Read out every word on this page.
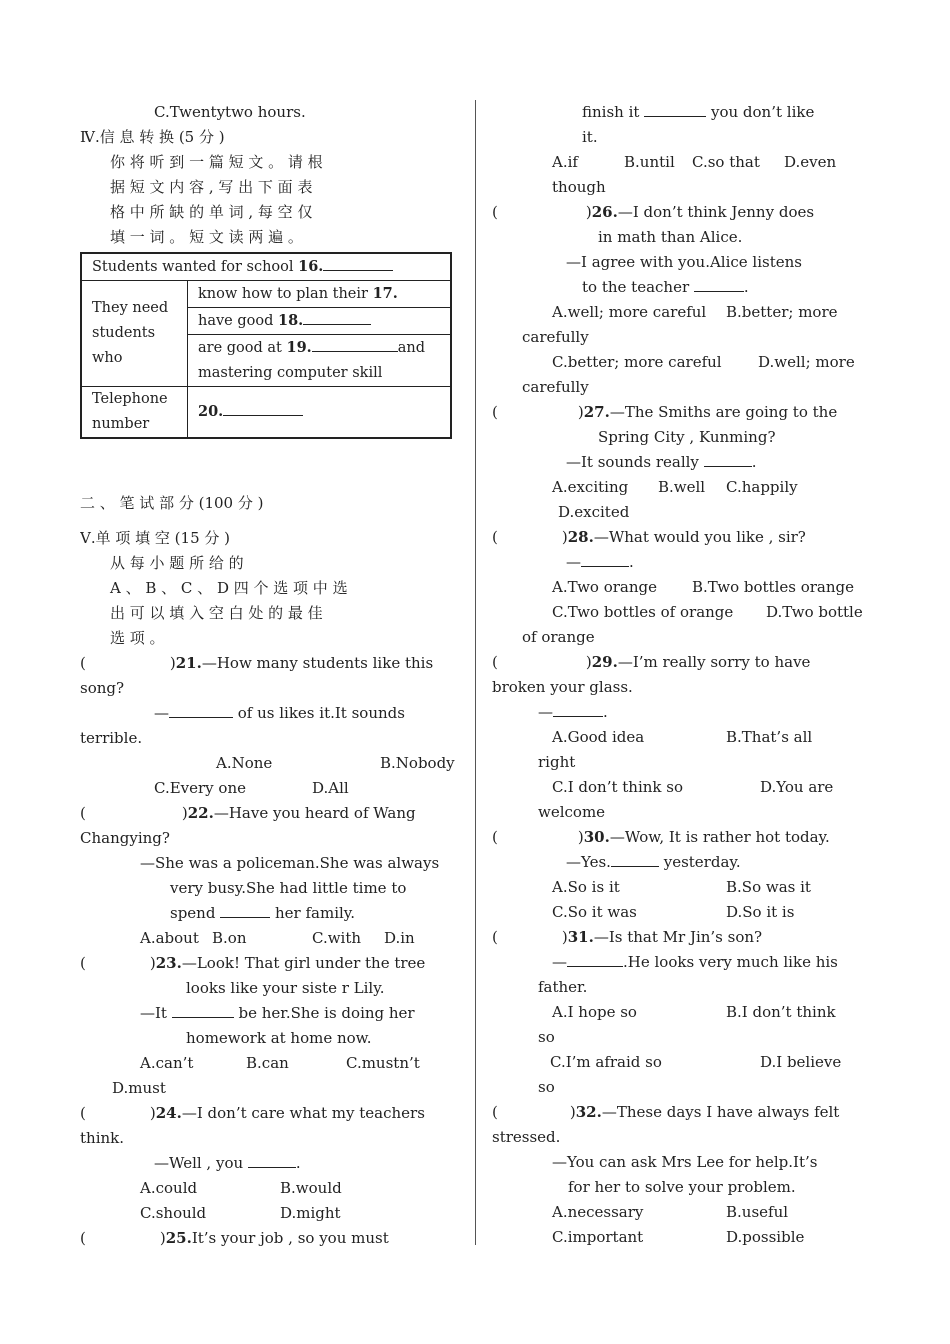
C.Twentytwo hours.
Ⅳ.信 息 转 换 (5 分 )
你 将 听 到 一 篇 短 文 。 请 根
据 短 文 内 容 , 写 出 下 面 表
格 中 所 缺 的 单 词 , 每 空 仅
填 一 词 。 短 文 读 两 遍 。
Students wanted for school 16.	

They need
students
who	know how to plan their 17.
	have good 18.

	are good at 19. and
mastering computer skill

Telephone
number	20.
二 、 笔 试 部 分 (100 分 )
Ⅴ.单 项 填 空 (15 分 )
从 每 小 题 所 给 的
A 、 B 、 C 、 D 四 个 选 项 中 选
出 可 以 填 入 空 白 处 的 最 佳
选 项 。
(	)21.—How many students like this
song?
—	of us likes it.It sounds
terrible.
A.None	B.Nobody
C.Every one	D.All
(	)22.—Have you heard of Wang
Changying?
—She was a policeman.She was always
very busy.She had little time to
spend	her family.
A.about B.on	C.with D.in
(	)23.—Look! That girl under the tree
looks like your siste r Lily.
—It	be her.She is doing her
homework at home now.
A.can’t	B.can	C.mustn’t
D.must
(	)24.—I don’t care what my teachers
think.
—Well , you	.
A.could	B.would
C.should	D.might
(	)25.It’s your job , so you must
finish it	you don’t like
it.
A.if	B.until C.so that D.even
though
(	)26.—I don’t think Jenny does
in math than Alice.
—I agree with you.Alice listens
to the teacher	.
A.well; more careful B.better; more
carefully
C.better; more careful D.well; more
carefully
(	)27.—The Smiths are going to the
Spring City , Kunming?
—It sounds really	.
A.exciting B.well C.happily
D.excited
(	)28.—What would you like , sir?
—	.
A.Two orange B.Two bottles orange
C.Two bottles of orange D.Two bottle
of orange
(	)29.—I’m really sorry to have
broken your glass.
—	.
A.Good idea	B.That’s all
right
C.I don’t think so	D.You are
welcome
(	)30.—Wow, It is rather hot today.
—Yes.	yesterday.
A.So is it	B.So was it
C.So it was	D.So it is
(	)31.—Is that Mr Jin’s son?
—	.He looks very much like his
father.
A.I hope so	B.I don’t think
so
C.I’m afraid so	D.I believe
so
(	)32.—These days I have always felt
stressed.
—You can ask Mrs Lee for help.It’s
for her to solve your problem.
A.necessary	B.useful
C.important	D.possible
